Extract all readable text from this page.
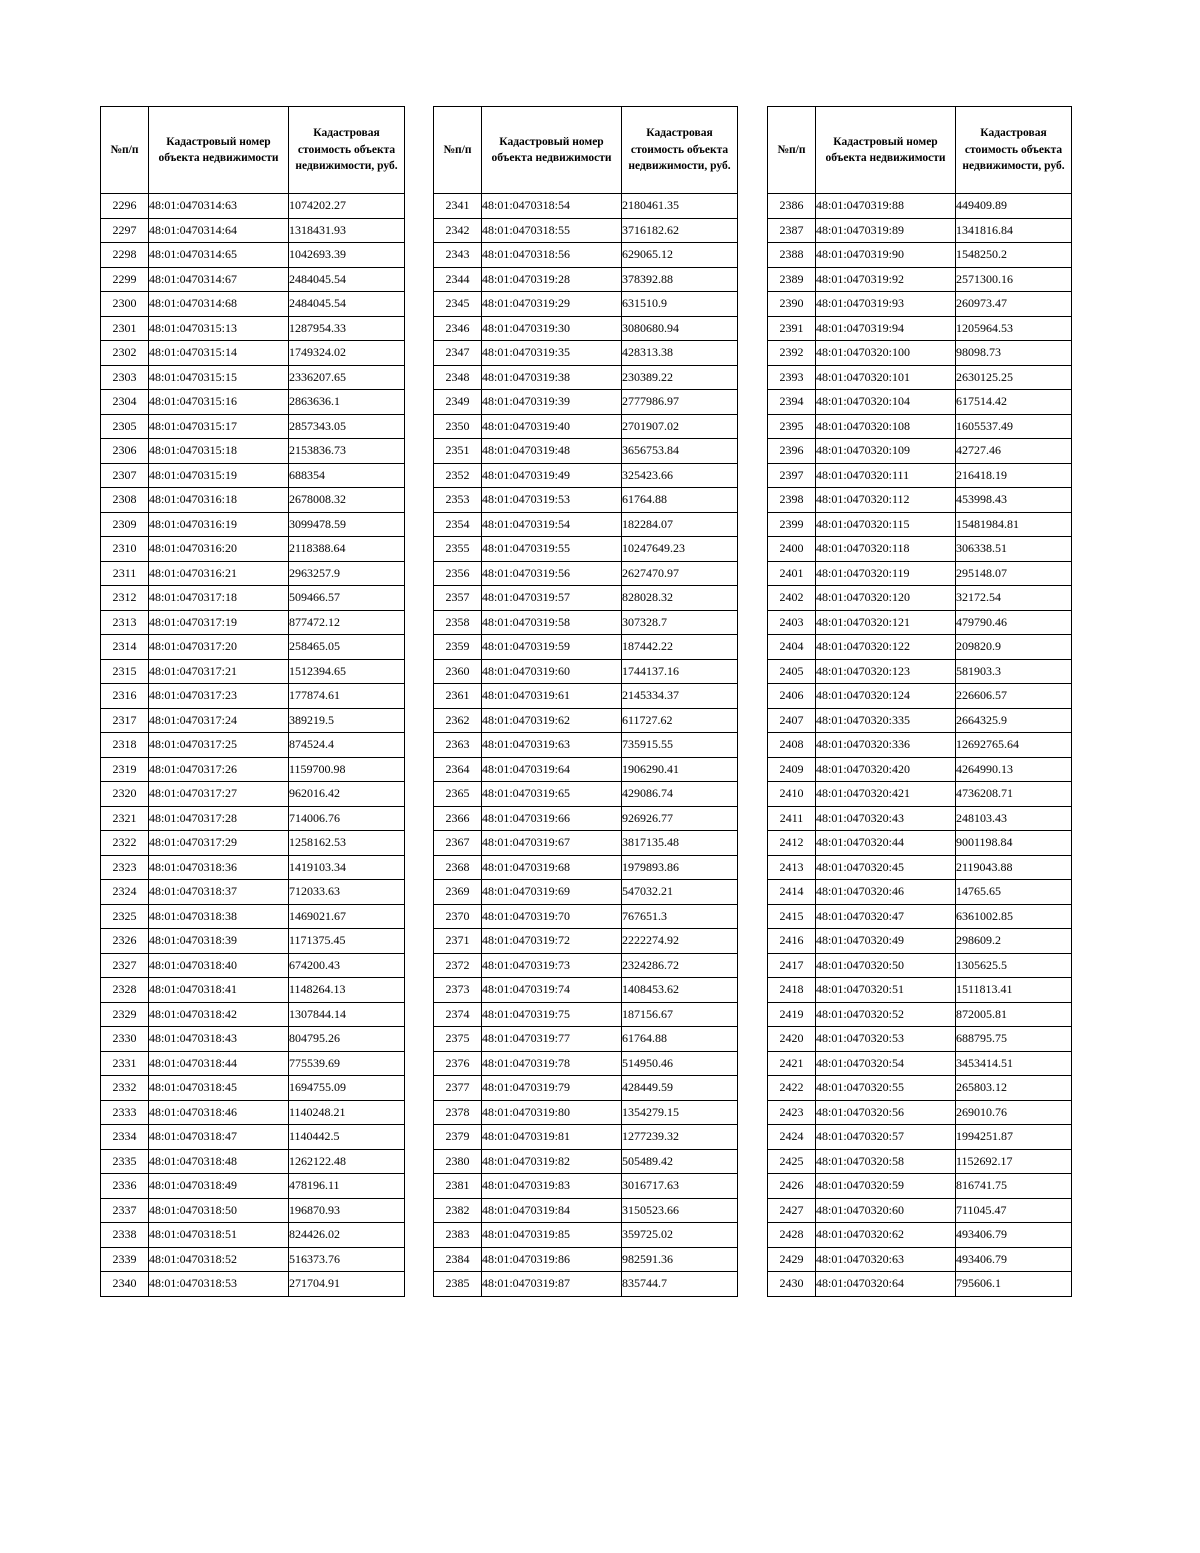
№п/п	Кадастровый номер объекта недвижимости	Кадастровая стоимость объекта недвижимости, руб.
2296	48:01:0470314:63	1074202.27
2297	48:01:0470314:64	1318431.93
2298	48:01:0470314:65	1042693.39
2299	48:01:0470314:67	2484045.54
2300	48:01:0470314:68	2484045.54
2301	48:01:0470315:13	1287954.33
2302	48:01:0470315:14	1749324.02
2303	48:01:0470315:15	2336207.65
2304	48:01:0470315:16	2863636.1
2305	48:01:0470315:17	2857343.05
2306	48:01:0470315:18	2153836.73
2307	48:01:0470315:19	688354
2308	48:01:0470316:18	2678008.32
2309	48:01:0470316:19	3099478.59
2310	48:01:0470316:20	2118388.64
2311	48:01:0470316:21	2963257.9
2312	48:01:0470317:18	509466.57
2313	48:01:0470317:19	877472.12
2314	48:01:0470317:20	258465.05
2315	48:01:0470317:21	1512394.65
2316	48:01:0470317:23	177874.61
2317	48:01:0470317:24	389219.5
2318	48:01:0470317:25	874524.4
2319	48:01:0470317:26	1159700.98
2320	48:01:0470317:27	962016.42
2321	48:01:0470317:28	714006.76
2322	48:01:0470317:29	1258162.53
2323	48:01:0470318:36	1419103.34
2324	48:01:0470318:37	712033.63
2325	48:01:0470318:38	1469021.67
2326	48:01:0470318:39	1171375.45
2327	48:01:0470318:40	674200.43
2328	48:01:0470318:41	1148264.13
2329	48:01:0470318:42	1307844.14
2330	48:01:0470318:43	804795.26
2331	48:01:0470318:44	775539.69
2332	48:01:0470318:45	1694755.09
2333	48:01:0470318:46	1140248.21
2334	48:01:0470318:47	1140442.5
2335	48:01:0470318:48	1262122.48
2336	48:01:0470318:49	478196.11
2337	48:01:0470318:50	196870.93
2338	48:01:0470318:51	824426.02
2339	48:01:0470318:52	516373.76
2340	48:01:0470318:53	271704.91
№п/п	Кадастровый номер объекта недвижимости	Кадастровая стоимость объекта недвижимости, руб.
2341	48:01:0470318:54	2180461.35
2342	48:01:0470318:55	3716182.62
2343	48:01:0470318:56	629065.12
2344	48:01:0470319:28	378392.88
2345	48:01:0470319:29	631510.9
2346	48:01:0470319:30	3080680.94
2347	48:01:0470319:35	428313.38
2348	48:01:0470319:38	230389.22
2349	48:01:0470319:39	2777986.97
2350	48:01:0470319:40	2701907.02
2351	48:01:0470319:48	3656753.84
2352	48:01:0470319:49	325423.66
2353	48:01:0470319:53	61764.88
2354	48:01:0470319:54	182284.07
2355	48:01:0470319:55	10247649.23
2356	48:01:0470319:56	2627470.97
2357	48:01:0470319:57	828028.32
2358	48:01:0470319:58	307328.7
2359	48:01:0470319:59	187442.22
2360	48:01:0470319:60	1744137.16
2361	48:01:0470319:61	2145334.37
2362	48:01:0470319:62	611727.62
2363	48:01:0470319:63	735915.55
2364	48:01:0470319:64	1906290.41
2365	48:01:0470319:65	429086.74
2366	48:01:0470319:66	926926.77
2367	48:01:0470319:67	3817135.48
2368	48:01:0470319:68	1979893.86
2369	48:01:0470319:69	547032.21
2370	48:01:0470319:70	767651.3
2371	48:01:0470319:72	2222274.92
2372	48:01:0470319:73	2324286.72
2373	48:01:0470319:74	1408453.62
2374	48:01:0470319:75	187156.67
2375	48:01:0470319:77	61764.88
2376	48:01:0470319:78	514950.46
2377	48:01:0470319:79	428449.59
2378	48:01:0470319:80	1354279.15
2379	48:01:0470319:81	1277239.32
2380	48:01:0470319:82	505489.42
2381	48:01:0470319:83	3016717.63
2382	48:01:0470319:84	3150523.66
2383	48:01:0470319:85	359725.02
2384	48:01:0470319:86	982591.36
2385	48:01:0470319:87	835744.7
№п/п	Кадастровый номер объекта недвижимости	Кадастровая стоимость объекта недвижимости, руб.
2386	48:01:0470319:88	449409.89
2387	48:01:0470319:89	1341816.84
2388	48:01:0470319:90	1548250.2
2389	48:01:0470319:92	2571300.16
2390	48:01:0470319:93	260973.47
2391	48:01:0470319:94	1205964.53
2392	48:01:0470320:100	98098.73
2393	48:01:0470320:101	2630125.25
2394	48:01:0470320:104	617514.42
2395	48:01:0470320:108	1605537.49
2396	48:01:0470320:109	42727.46
2397	48:01:0470320:111	216418.19
2398	48:01:0470320:112	453998.43
2399	48:01:0470320:115	15481984.81
2400	48:01:0470320:118	306338.51
2401	48:01:0470320:119	295148.07
2402	48:01:0470320:120	32172.54
2403	48:01:0470320:121	479790.46
2404	48:01:0470320:122	209820.9
2405	48:01:0470320:123	581903.3
2406	48:01:0470320:124	226606.57
2407	48:01:0470320:335	2664325.9
2408	48:01:0470320:336	12692765.64
2409	48:01:0470320:420	4264990.13
2410	48:01:0470320:421	4736208.71
2411	48:01:0470320:43	248103.43
2412	48:01:0470320:44	9001198.84
2413	48:01:0470320:45	2119043.88
2414	48:01:0470320:46	14765.65
2415	48:01:0470320:47	6361002.85
2416	48:01:0470320:49	298609.2
2417	48:01:0470320:50	1305625.5
2418	48:01:0470320:51	1511813.41
2419	48:01:0470320:52	872005.81
2420	48:01:0470320:53	688795.75
2421	48:01:0470320:54	3453414.51
2422	48:01:0470320:55	265803.12
2423	48:01:0470320:56	269010.76
2424	48:01:0470320:57	1994251.87
2425	48:01:0470320:58	1152692.17
2426	48:01:0470320:59	816741.75
2427	48:01:0470320:60	711045.47
2428	48:01:0470320:62	493406.79
2429	48:01:0470320:63	493406.79
2430	48:01:0470320:64	795606.1
